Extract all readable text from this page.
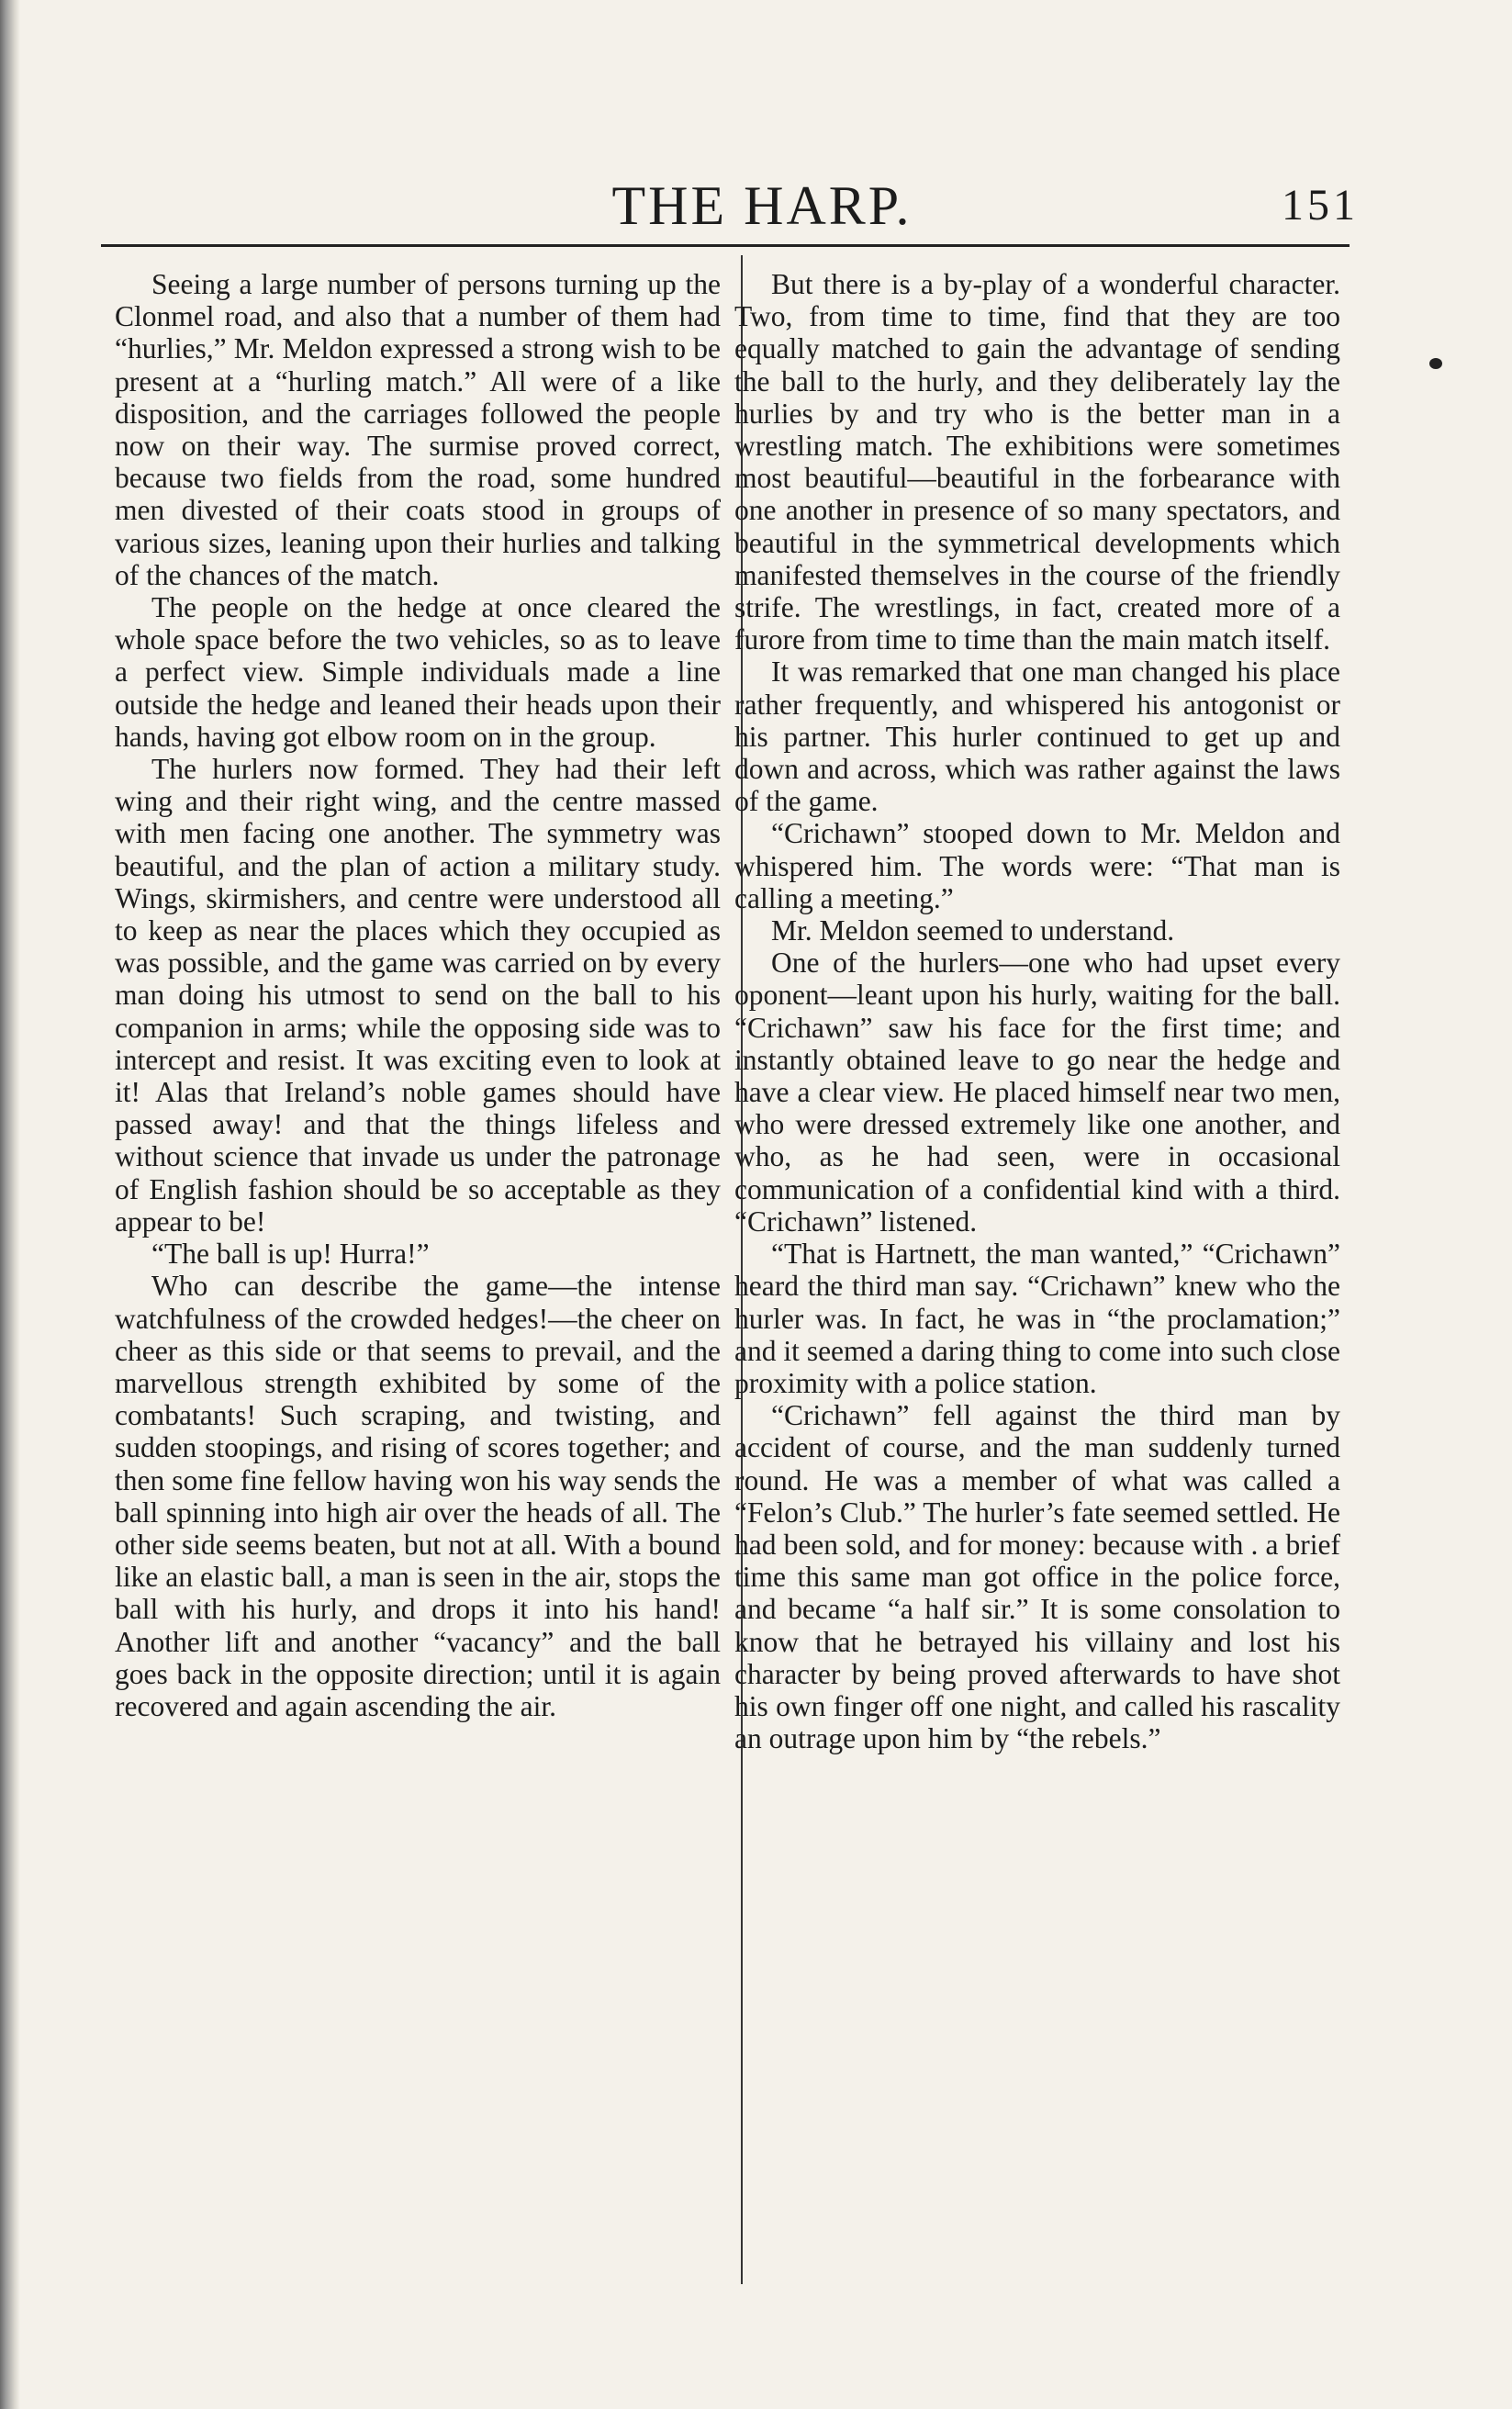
THE HARP.	151

Seeing a large number of persons turning up the Clonmel road, and also that a number of them had “hurlies,” Mr. Meldon expressed a strong wish to be present at a “hurling match.” All were of a like disposition, and the carriages followed the people now on their way. The surmise proved correct, because two fields from the road, some hundred men divested of their coats stood in groups of various sizes, leaning upon their hurlies and talking of the chances of the match.

The people on the hedge at once cleared the whole space before the two vehicles, so as to leave a perfect view. Simple individuals made a line outside the hedge and leaned their heads upon their hands, having got elbow room on in the group.

The hurlers now formed. They had their left wing and their right wing, and the centre massed with men facing one another. The symmetry was beautiful, and the plan of action a military study. Wings, skirmishers, and centre were understood all to keep as near the places which they occupied as was possible, and the game was carried on by every man doing his utmost to send on the ball to his companion in arms; while the opposing side was to intercept and resist. It was exciting even to look at it! Alas that Ireland’s noble games should have passed away! and that the things lifeless and without science that invade us under the patronage of English fashion should be so acceptable as they appear to be!

“The ball is up! Hurra!”

Who can describe the game—the intense watchfulness of the crowded hedges!—the cheer on cheer as this side or that seems to prevail, and the marvellous strength exhibited by some of the combatants! Such scraping, and twisting, and sudden stoopings, and rising of scores together; and then some fine fellow having won his way sends the ball spinning into high air over the heads of all. The other side seems beaten, but not at all. With a bound like an elastic ball, a man is seen in the air, stops the ball with his hurly, and drops it into his hand! Another lift and another “vacancy” and the ball goes back in the opposite direction; until it is again recovered and again ascending the air.

But there is a by-play of a wonderful character. Two, from time to time, find that they are too equally matched to gain the advantage of sending the ball to the hurly, and they deliberately lay the hurlies by and try who is the better man in a wrestling match. The exhibitions were sometimes most beautiful—beautiful in the forbearance with one another in presence of so many spectators, and beautiful in the symmetrical developments which manifested themselves in the course of the friendly strife. The wrestlings, in fact, created more of a furore from time to time than the main match itself.

It was remarked that one man changed his place rather frequently, and whispered his antogonist or his partner. This hurler continued to get up and down and across, which was rather against the laws of the game.

“Crichawn” stooped down to Mr. Meldon and whispered him. The words were: “That man is calling a meeting.”

Mr. Meldon seemed to understand.

One of the hurlers—one who had upset every oponent—leant upon his hurly, waiting for the ball. “Crichawn” saw his face for the first time; and instantly obtained leave to go near the hedge and have a clear view. He placed himself near two men, who were dressed extremely like one another, and who, as he had seen, were in occasional communication of a confidential kind with a third. “Crichawn” listened.

“That is Hartnett, the man wanted,” “Crichawn” heard the third man say. “Crichawn” knew who the hurler was. In fact, he was in “the proclamation;” and it seemed a daring thing to come into such close proximity with a police station.

“Crichawn” fell against the third man by accident of course, and the man suddenly turned round. He was a member of what was called a “Felon’s Club.” The hurler’s fate seemed settled. He had been sold, and for money: because with . a brief time this same man got office in the police force, and became “a half sir.” It is some consolation to know that he betrayed his villainy and lost his character by being proved afterwards to have shot his own finger off one night, and called his rascality an outrage upon him by “the rebels.”
